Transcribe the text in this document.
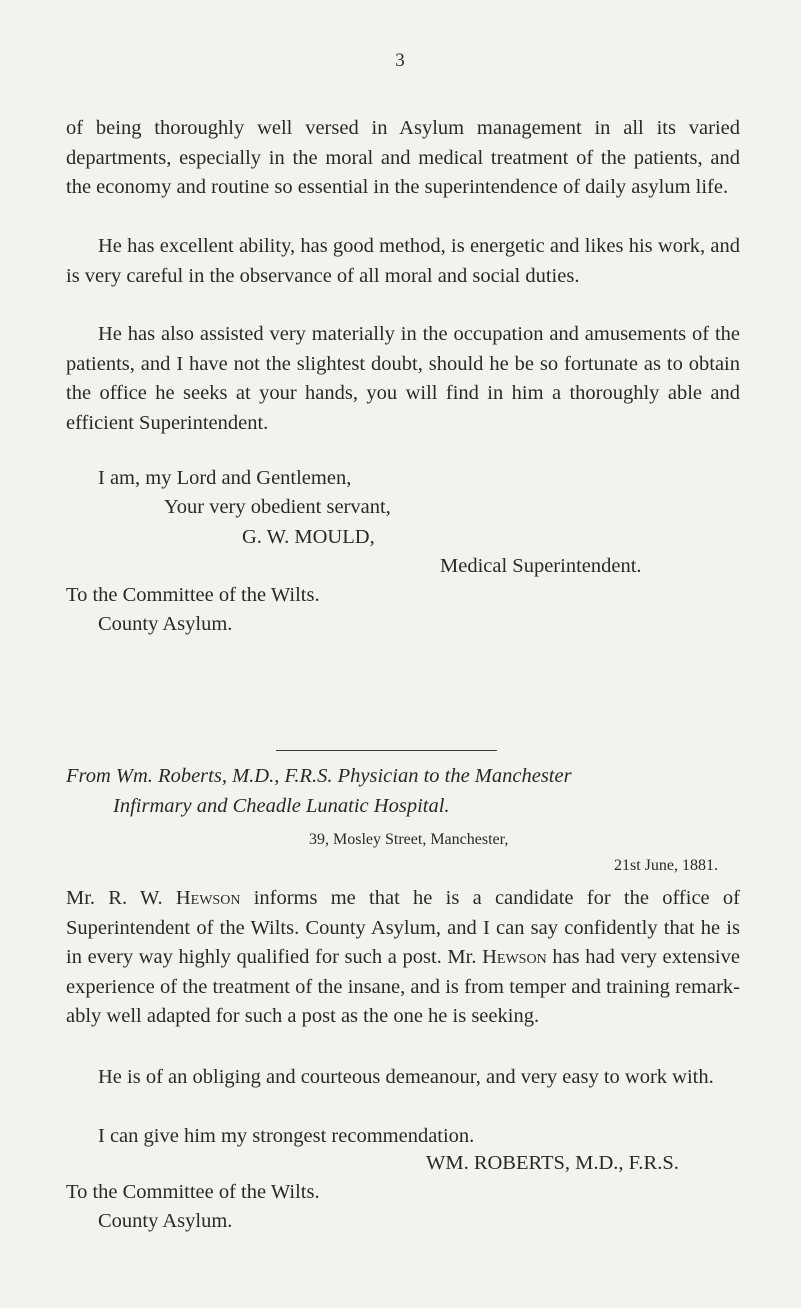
3

of being thoroughly well versed in Asylum management in all its varied departments, especially in the moral and medical treatment of the patients, and the economy and routine so essential in the superintendence of daily asylum life.

He has excellent ability, has good method, is energetic and likes his work, and is very careful in the observance of all moral and social duties.

He has also assisted very materially in the occupation and amusements of the patients, and I have not the slightest doubt, should he be so fortunate as to obtain the office he seeks at your hands, you will find in him a thoroughly able and efficient Superintendent.

I am, my Lord and Gentlemen,
Your very obedient servant,
G. W. MOULD,
Medical Superintendent.
To the Committee of the Wilts.
County Asylum.
From Wm. Roberts, M.D., F.R.S. Physician to the Manchester
Infirmary and Cheadle Lunatic Hospital.
39, Mosley Street, Manchester,
21st June, 1881.

Mr. R. W. Hewson informs me that he is a candidate for the office of Superintendent of the Wilts. County Asylum, and I can say confidently that he is in every way highly qualified for such a post. Mr. Hewson has had very extensive experience of the treatment of the insane, and is from temper and training remark-ably well adapted for such a post as the one he is seeking.

He is of an obliging and courteous demeanour, and very easy to work with.

I can give him my strongest recommendation.

WM. ROBERTS, M.D., F.R.S.
To the Committee of the Wilts.
County Asylum.
